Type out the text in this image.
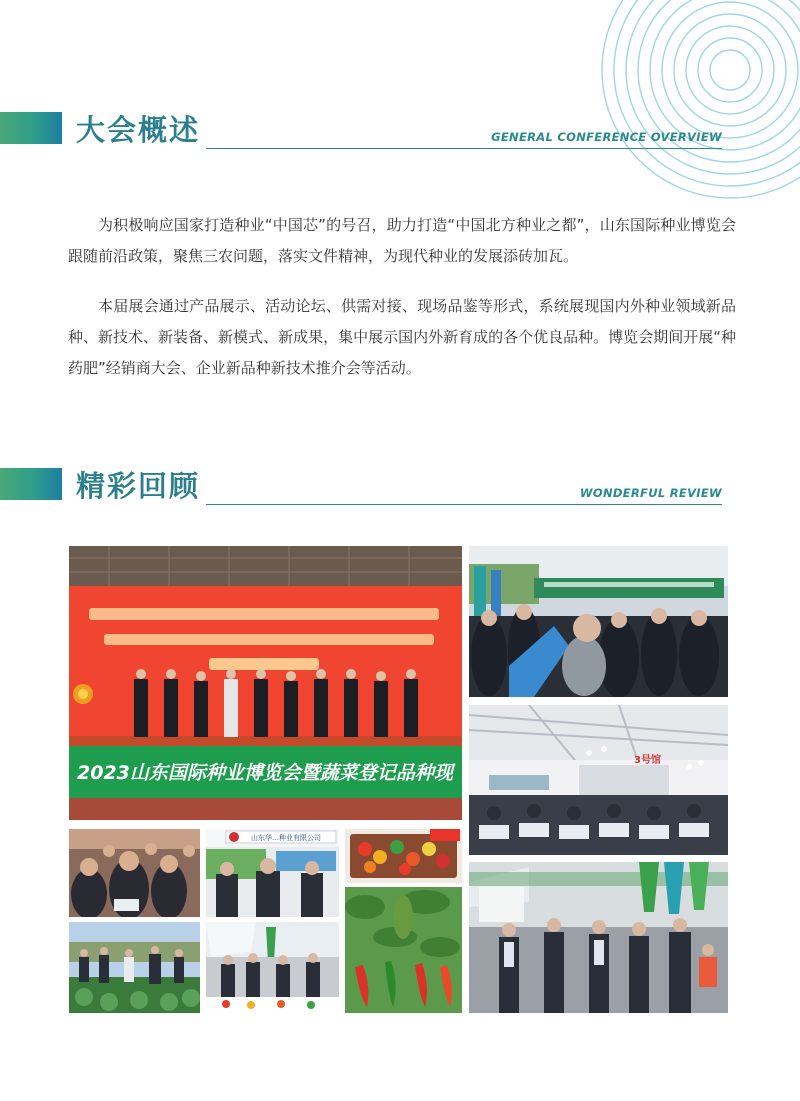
大会概述	GENERAL CONFERENCE OVERVIEW

为积极响应国家打造种业“中国芯”的号召，助力打造“中国北方种业之都”，山东国际种业博览会跟随前沿政策，聚焦三农问题，落实文件精神，为现代种业的发展添砖加瓦。

本届展会通过产品展示、活动论坛、供需对接、现场品鉴等形式，系统展现国内外种业领域新品种、新技术、新装备、新模式、新成果，集中展示国内外新育成的各个优良品种。博览会期间开展“种药肥”经销商大会、企业新品种新技术推介会等活动。

精彩回顾	WONDERFUL REVIEW
2023山东国际种业博览会暨蔬菜登记品种现
3号馆
山东华…种业有限公司
